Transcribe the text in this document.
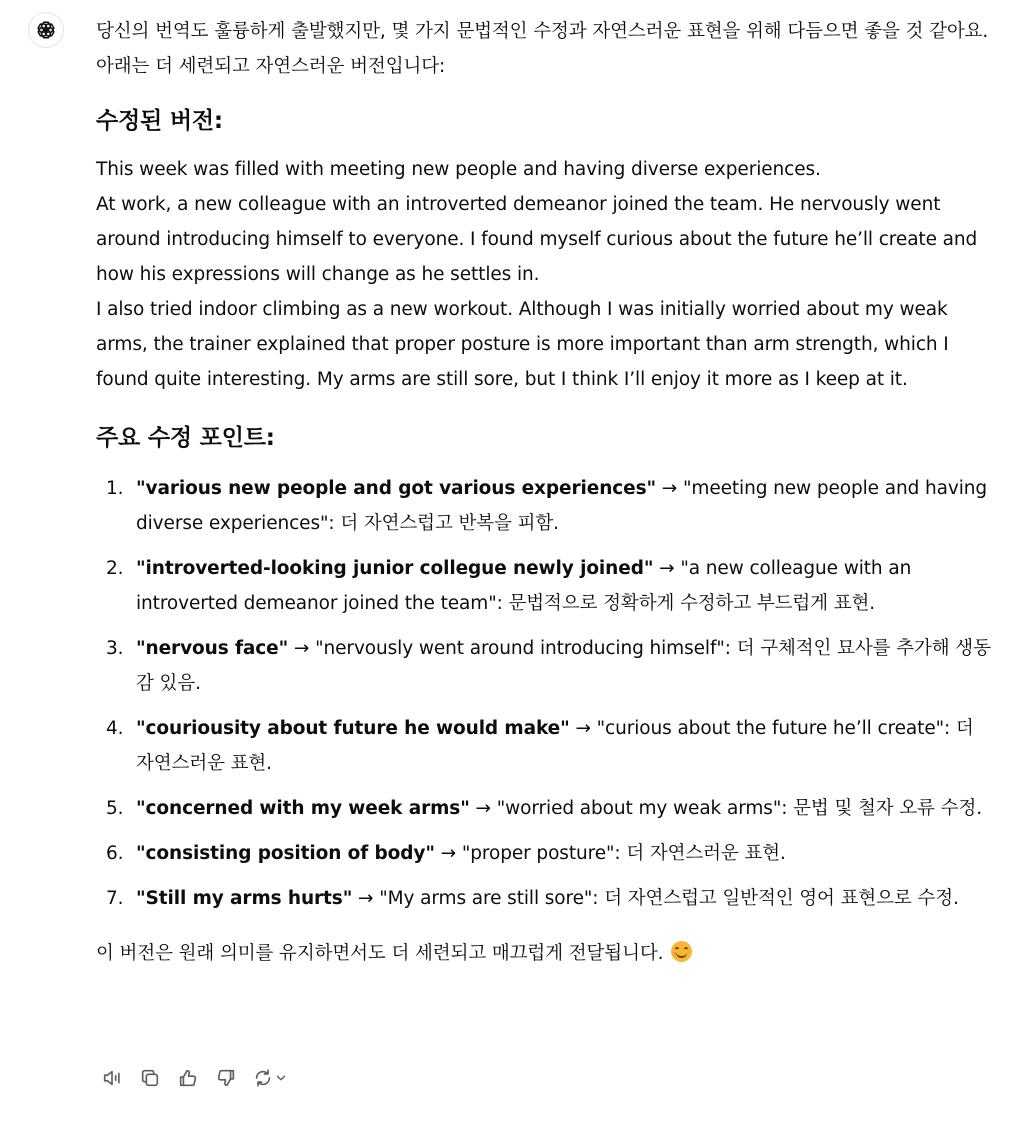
당신의 번역도 훌륭하게 출발했지만, 몇 가지 문법적인 수정과 자연스러운 표현을 위해 다듬으면 좋을 것 같아요. 아래는 더 세련되고 자연스러운 버전입니다:

수정된 버전:

This week was filled with meeting new people and having diverse experiences.

At work, a new colleague with an introverted demeanor joined the team. He nervously went around introducing himself to everyone. I found myself curious about the future he’ll create and how his expressions will change as he settles in.

I also tried indoor climbing as a new workout. Although I was initially worried about my weak arms, the trainer explained that proper posture is more important than arm strength, which I found quite interesting. My arms are still sore, but I think I’ll enjoy it more as I keep at it.

주요 수정 포인트:
1. "various new people and got various experiences" → "meeting new people and having diverse experiences": 더 자연스럽고 반복을 피함.
2. "introverted-looking junior collegue newly joined" → "a new colleague with an introverted demeanor joined the team": 문법적으로 정확하게 수정하고 부드럽게 표현.
3. "nervous face" → "nervously went around introducing himself": 더 구체적인 묘사를 추가해 생동감 있음.
4. "couriousity about future he would make" → "curious about the future he’ll create": 더 자연스러운 표현.
5. "concerned with my week arms" → "worried about my weak arms": 문법 및 철자 오류 수정.
6. "consisting position of body" → "proper posture": 더 자연스러운 표현.
7. "Still my arms hurts" → "My arms are still sore": 더 자연스럽고 일반적인 영어 표현으로 수정.

이 버전은 원래 의미를 유지하면서도 더 세련되고 매끄럽게 전달됩니다.
